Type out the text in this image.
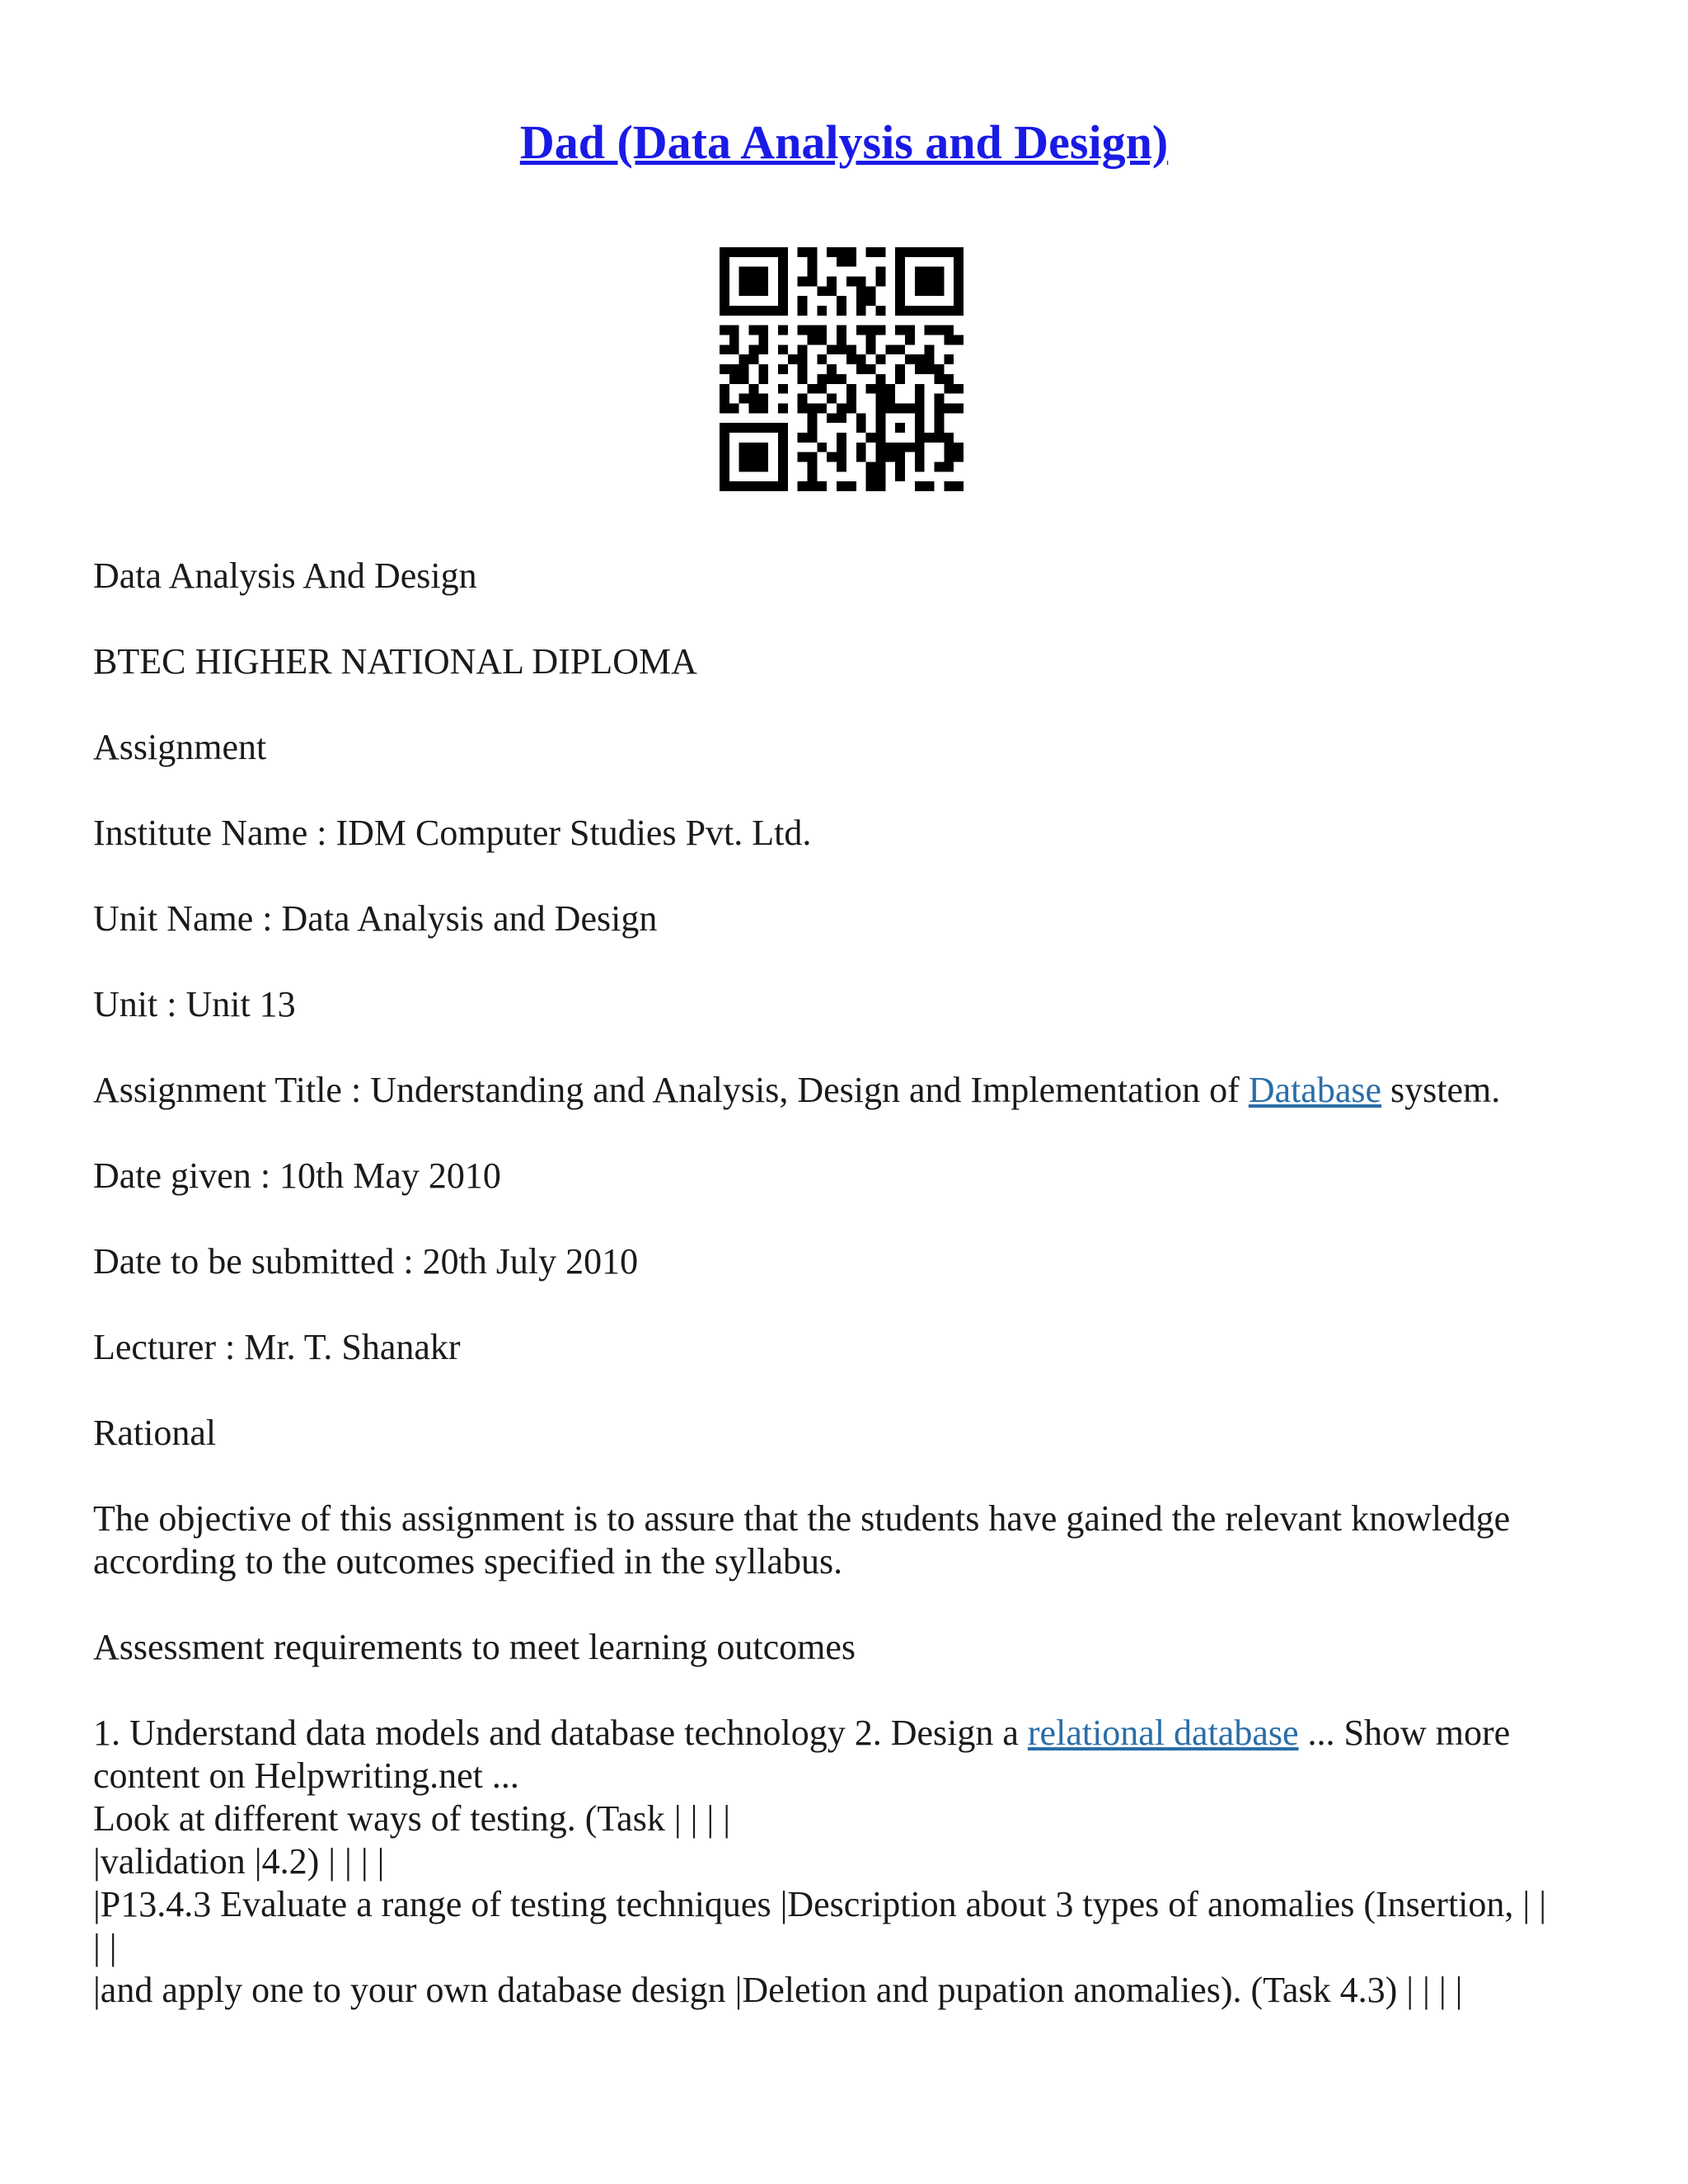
Dad (Data Analysis and Design)
Data Analysis And Design
BTEC HIGHER NATIONAL DIPLOMA
Assignment
Institute Name : IDM Computer Studies Pvt. Ltd.
Unit Name : Data Analysis and Design
Unit : Unit 13
Assignment Title : Understanding and Analysis, Design and Implementation of Database system.
Date given : 10th May 2010
Date to be submitted : 20th July 2010
Lecturer : Mr. T. Shanakr
Rational
The objective of this assignment is to assure that the students have gained the relevant knowledge according to the outcomes specified in the syllabus.
Assessment requirements to meet learning outcomes
1. Understand data models and database technology 2. Design a relational database ... Show more content on Helpwriting.net ...
Look at different ways of testing. (Task | | | |
|validation |4.2) | | | |
|P13.4.3 Evaluate a range of testing techniques |Description about 3 types of anomalies (Insertion, | |
| |
|and apply one to your own database design |Deletion and pupation anomalies). (Task 4.3) | | | |
